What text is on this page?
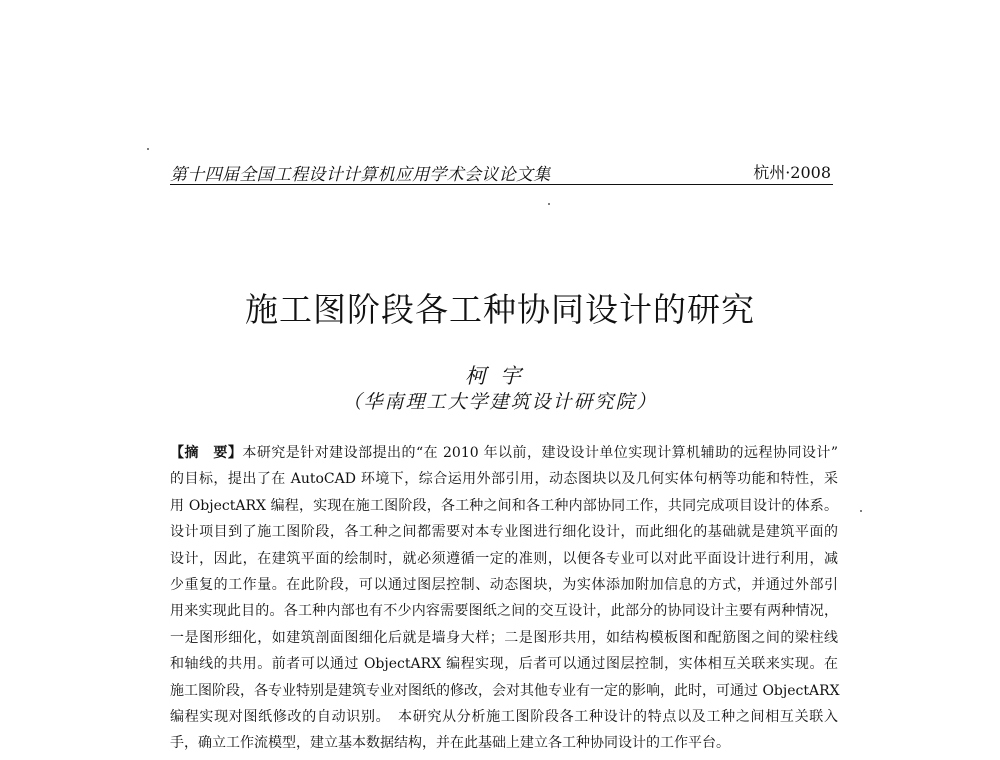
第十四届全国工程设计计算机应用学术会议论文集	杭州·2008
施工图阶段各工种协同设计的研究
柯宇
（华南理工大学建筑设计研究院）
【摘　要】本研究是针对建设部提出的“在 2010 年以前，建设设计单位实现计算机辅助的远程协同设计”
的目标，提出了在 AutoCAD 环境下，综合运用外部引用，动态图块以及几何实体句柄等功能和特性，采
用 ObjectARX 编程，实现在施工图阶段，各工种之间和各工种内部协同工作，共同完成项目设计的体系。
设计项目到了施工图阶段，各工种之间都需要对本专业图进行细化设计，而此细化的基础就是建筑平面的
设计，因此，在建筑平面的绘制时，就必须遵循一定的准则，以便各专业可以对此平面设计进行利用，减
少重复的工作量。在此阶段，可以通过图层控制、动态图块，为实体添加附加信息的方式，并通过外部引
用来实现此目的。各工种内部也有不少内容需要图纸之间的交互设计，此部分的协同设计主要有两种情况，
一是图形细化，如建筑剖面图细化后就是墙身大样；二是图形共用，如结构模板图和配筋图之间的梁柱线
和轴线的共用。前者可以通过 ObjectARX 编程实现，后者可以通过图层控制，实体相互关联来实现。在
施工图阶段，各专业特别是建筑专业对图纸的修改，会对其他专业有一定的影响，此时，可通过 ObjectARX
编程实现对图纸修改的自动识别。　本研究从分析施工图阶段各工种设计的特点以及工种之间相互关联入
手，确立工作流模型，建立基本数据结构，并在此基础上建立各工种协同设计的工作平台。
